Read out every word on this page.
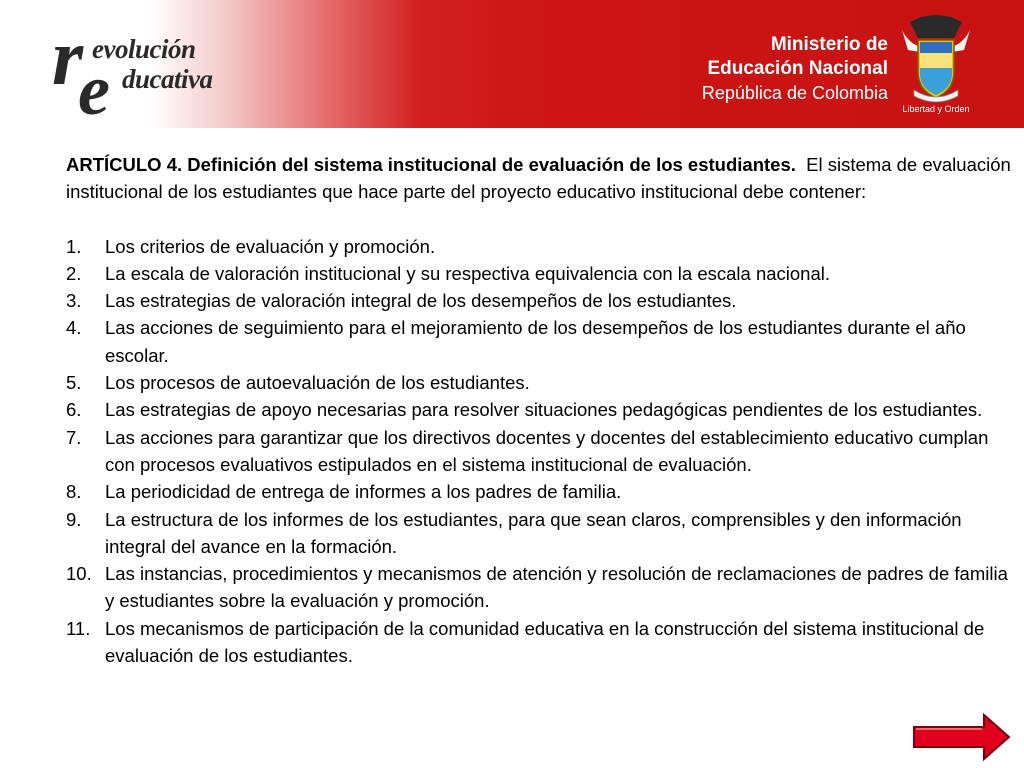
r
e
evolución
ducativa
Ministerio de
Educación Nacional
República de Colombia
Libertad y Orden

ARTÍCULO 4. Definición del sistema institucional de evaluación de los estudiantes. El sistema de evaluación institucional de los estudiantes que hace parte del proyecto educativo institucional debe contener:

1. Los criterios de evaluación y promoción.
2. La escala de valoración institucional y su respectiva equivalencia con la escala nacional.
3. Las estrategias de valoración integral de los desempeños de los estudiantes.
4. Las acciones de seguimiento para el mejoramiento de los desempeños de los estudiantes durante el año escolar.
5. Los procesos de autoevaluación de los estudiantes.
6. Las estrategias de apoyo necesarias para resolver situaciones pedagógicas pendientes de los estudiantes.
7. Las acciones para garantizar que los directivos docentes y docentes del establecimiento educativo cumplan con procesos evaluativos estipulados en el sistema institucional de evaluación.
8. La periodicidad de entrega de informes a los padres de familia.
9. La estructura de los informes de los estudiantes, para que sean claros, comprensibles y den información integral del avance en la formación.
10. Las instancias, procedimientos y mecanismos de atención y resolución de reclamaciones de padres de familia y estudiantes sobre la evaluación y promoción.
11. Los mecanismos de participación de la comunidad educativa en la construcción del sistema institucional de evaluación de los estudiantes.
